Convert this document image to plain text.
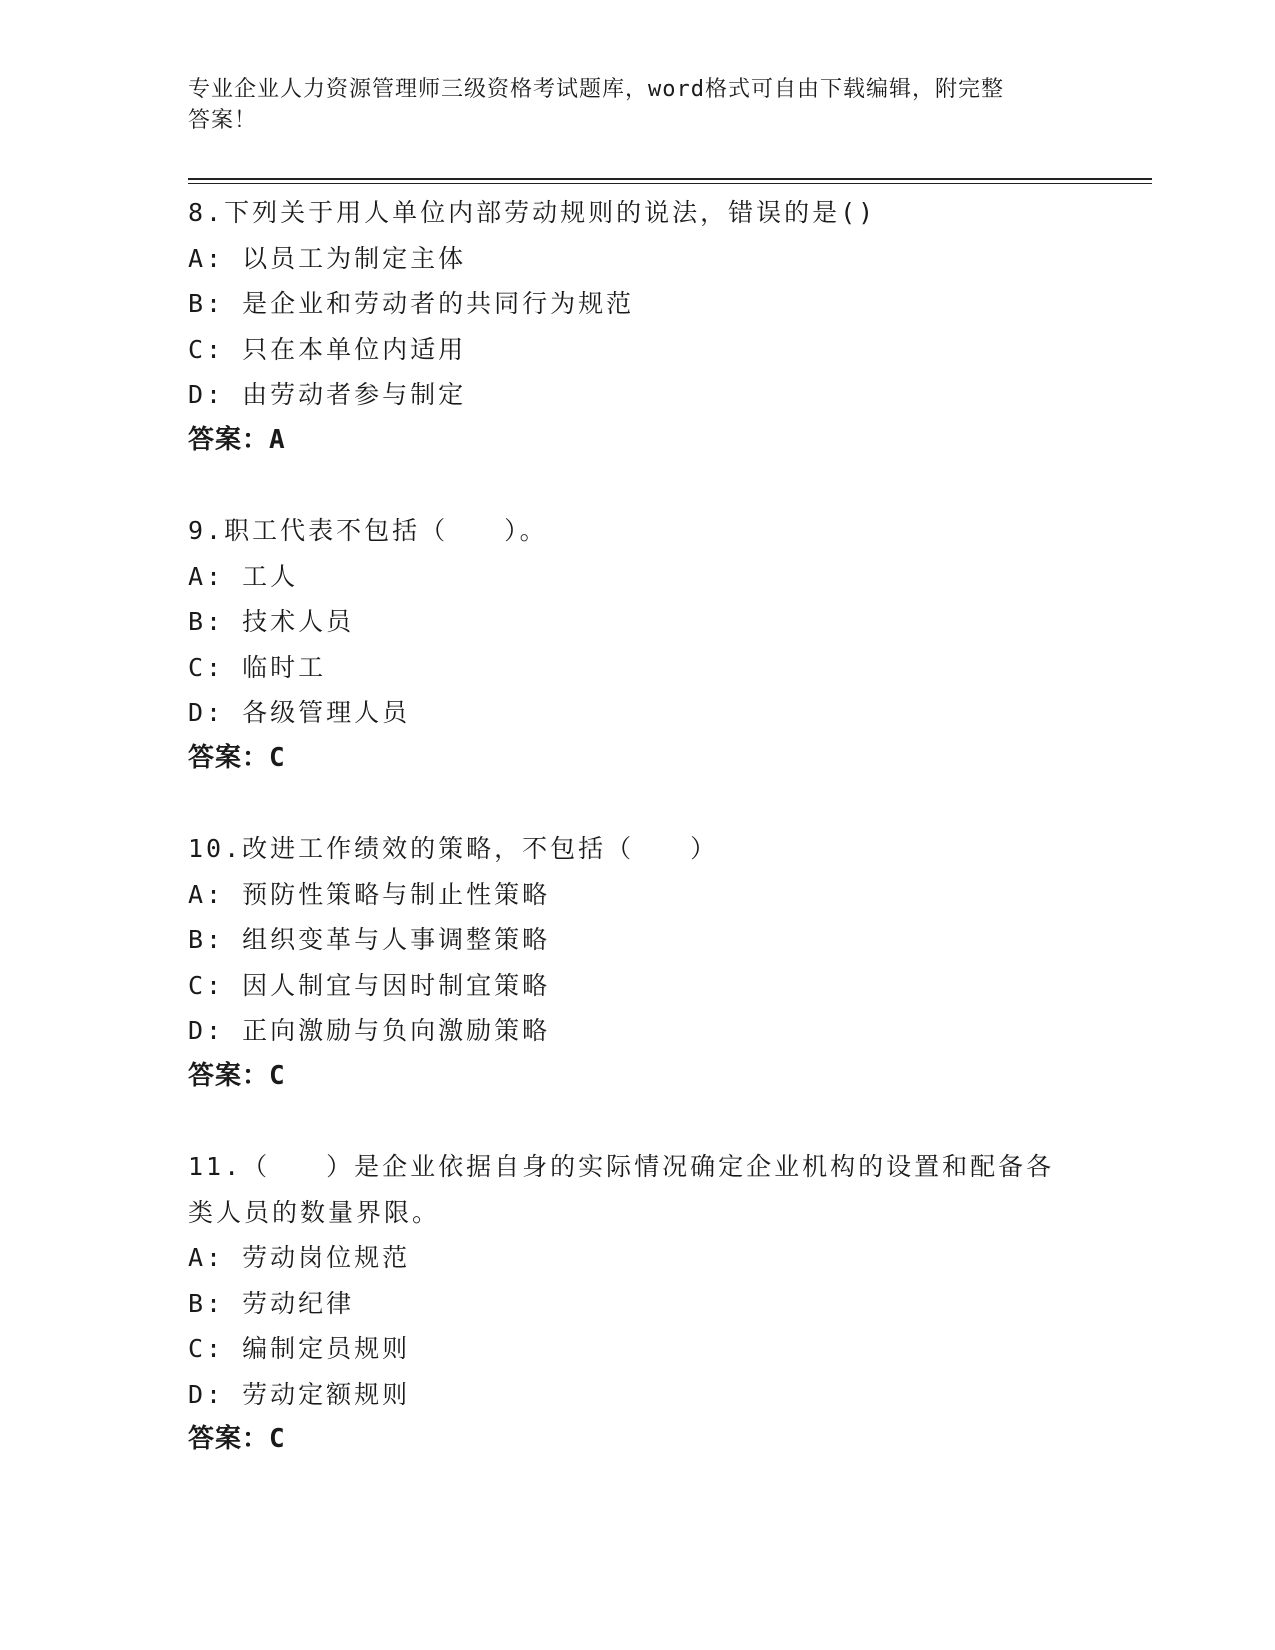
专业企业人力资源管理师三级资格考试题库，word格式可自由下载编辑，附完整
答案！
8.下列关于用人单位内部劳动规则的说法，错误的是()
A: 以员工为制定主体
B: 是企业和劳动者的共同行为规范
C: 只在本单位内适用
D: 由劳动者参与制定
答案：A
9.职工代表不包括（　　）。
A: 工人
B: 技术人员
C: 临时工
D: 各级管理人员
答案：C
10.改进工作绩效的策略，不包括（　　）
A: 预防性策略与制止性策略
B: 组织变革与人事调整策略
C: 因人制宜与因时制宜策略
D: 正向激励与负向激励策略
答案：C
11.（　　）是企业依据自身的实际情况确定企业机构的设置和配备各
类人员的数量界限。
A: 劳动岗位规范
B: 劳动纪律
C: 编制定员规则
D: 劳动定额规则
答案：C
